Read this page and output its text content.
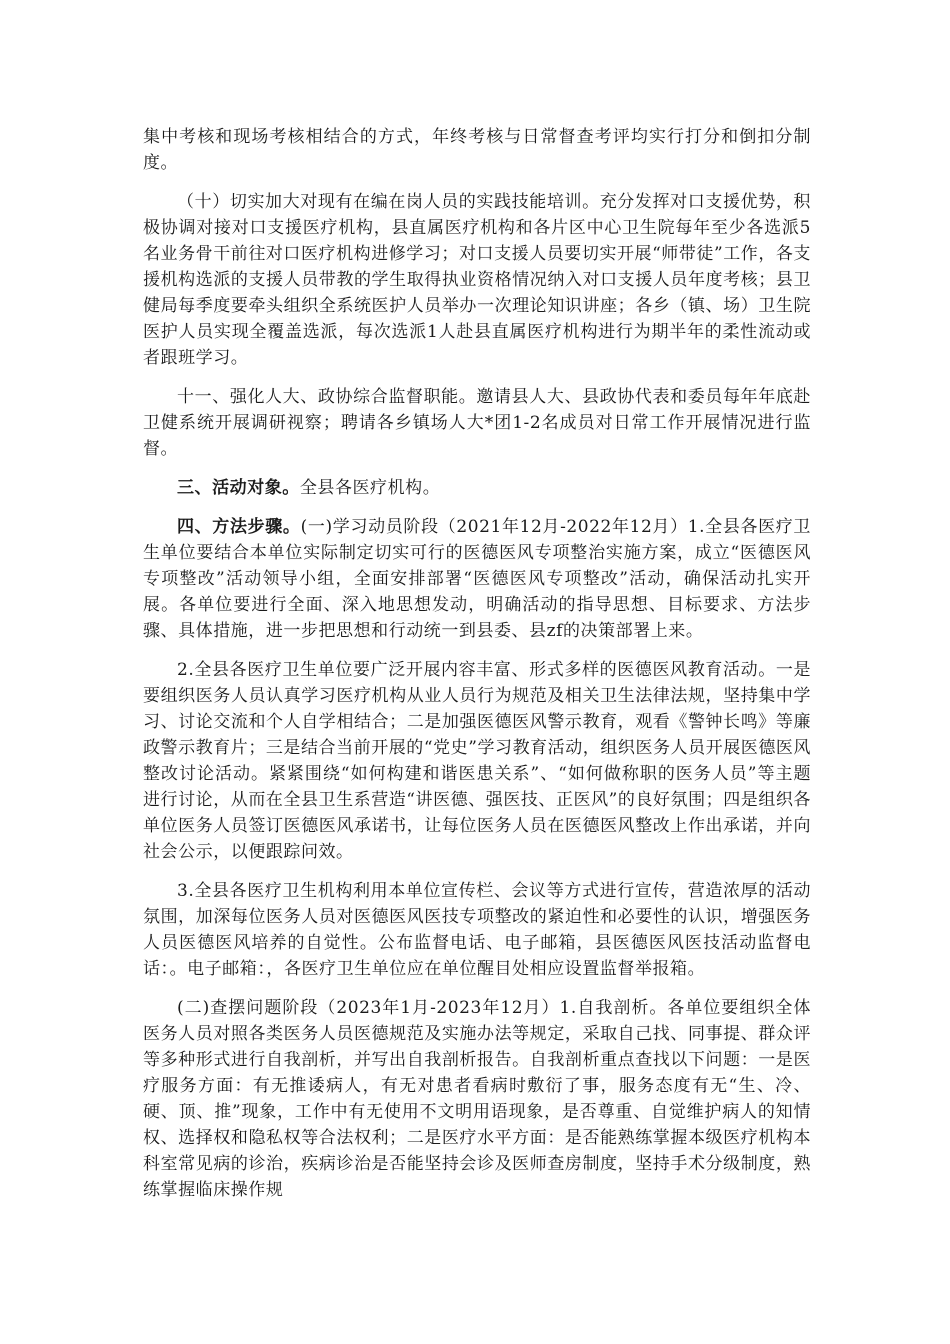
集中考核和现场考核相结合的方式，年终考核与日常督查考评均实行打分和倒扣分制度。

（十）切实加大对现有在编在岗人员的实践技能培训。充分发挥对口支援优势，积极协调对接对口支援医疗机构，县直属医疗机构和各片区中心卫生院每年至少各选派5名业务骨干前往对口医疗机构进修学习；对口支援人员要切实开展“师带徒”工作，各支援机构选派的支援人员带教的学生取得执业资格情况纳入对口支援人员年度考核；县卫健局每季度要牵头组织全系统医护人员举办一次理论知识讲座；各乡（镇、场）卫生院医护人员实现全覆盖选派，每次选派1人赴县直属医疗机构进行为期半年的柔性流动或者跟班学习。

十一、强化人大、政协综合监督职能。邀请县人大、县政协代表和委员每年年底赴卫健系统开展调研视察；聘请各乡镇场人大*团1-2名成员对日常工作开展情况进行监督。

三、活动对象。全县各医疗机构。

四、方法步骤。(一)学习动员阶段（2021年12月-2022年12月）1.全县各医疗卫生单位要结合本单位实际制定切实可行的医德医风专项整治实施方案，成立“医德医风专项整改”活动领导小组，全面安排部署“医德医风专项整改”活动，确保活动扎实开展。各单位要进行全面、深入地思想发动，明确活动的指导思想、目标要求、方法步骤、具体措施，进一步把思想和行动统一到县委、县zf的决策部署上来。

2.全县各医疗卫生单位要广泛开展内容丰富、形式多样的医德医风教育活动。一是要组织医务人员认真学习医疗机构从业人员行为规范及相关卫生法律法规，坚持集中学习、讨论交流和个人自学相结合；二是加强医德医风警示教育，观看《警钟长鸣》等廉政警示教育片；三是结合当前开展的“党史”学习教育活动，组织医务人员开展医德医风整改讨论活动。紧紧围绕“如何构建和谐医患关系”、“如何做称职的医务人员”等主题进行讨论，从而在全县卫生系营造“讲医德、强医技、正医风”的良好氛围；四是组织各单位医务人员签订医德医风承诺书，让每位医务人员在医德医风整改上作出承诺，并向社会公示，以便跟踪问效。

3.全县各医疗卫生机构利用本单位宣传栏、会议等方式进行宣传，营造浓厚的活动氛围，加深每位医务人员对医德医风医技专项整改的紧迫性和必要性的认识，增强医务人员医德医风培养的自觉性。公布监督电话、电子邮箱，县医德医风医技活动监督电话：。电子邮箱：，各医疗卫生单位应在单位醒目处相应设置监督举报箱。

(二)查摆问题阶段（2023年1月-2023年12月）1.自我剖析。各单位要组织全体医务人员对照各类医务人员医德规范及实施办法等规定，采取自己找、同事提、群众评等多种形式进行自我剖析，并写出自我剖析报告。自我剖析重点查找以下问题：一是医疗服务方面：有无推诿病人，有无对患者看病时敷衍了事，服务态度有无“生、冷、硬、顶、推”现象，工作中有无使用不文明用语现象，是否尊重、自觉维护病人的知情权、选择权和隐私权等合法权利；二是医疗水平方面：是否能熟练掌握本级医疗机构本科室常见病的诊治，疾病诊治是否能坚持会诊及医师查房制度，坚持手术分级制度，熟练掌握临床操作规
